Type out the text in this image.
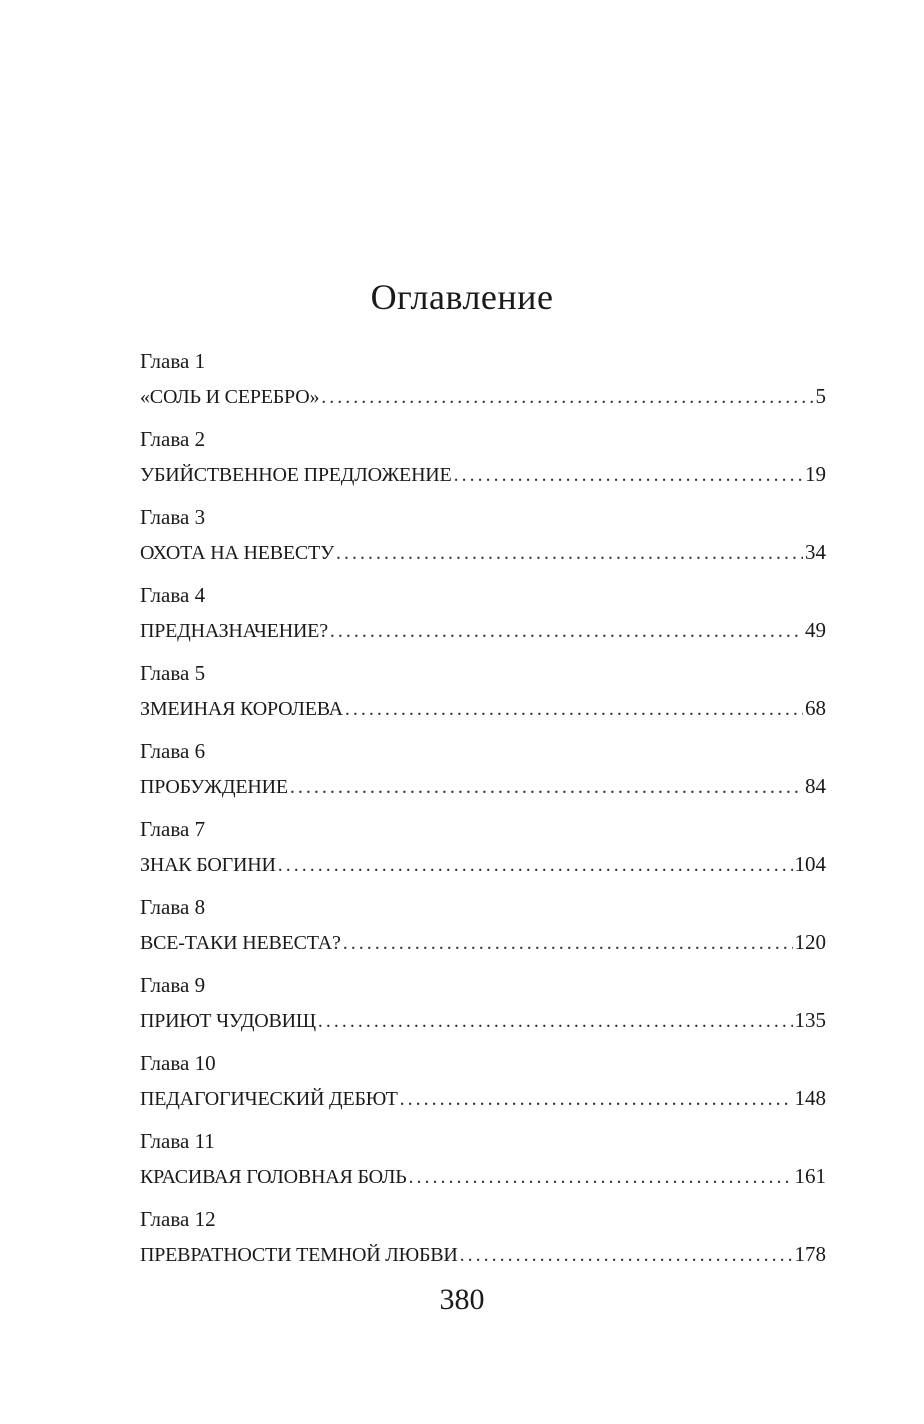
Оглавление
Глава 1
«СОЛЬ И СЕРЕБРО» .....	5
Глава 2
УБИЙСТВЕННОЕ ПРЕДЛОЖЕНИЕ .....	19
Глава 3
ОХОТА НА НЕВЕСТУ .....	34
Глава 4
ПРЕДНАЗНАЧЕНИЕ? .....	49
Глава 5
ЗМЕИНАЯ КОРОЛЕВА .....	68
Глава 6
ПРОБУЖДЕНИЕ .....	84
Глава 7
ЗНАК БОГИНИ .....	104
Глава 8
ВСЕ-ТАКИ НЕВЕСТА? .....	120
Глава 9
ПРИЮТ ЧУДОВИЩ .....	135
Глава 10
ПЕДАГОГИЧЕСКИЙ ДЕБЮТ .....	148
Глава 11
КРАСИВАЯ ГОЛОВНАЯ БОЛЬ .....	161
Глава 12
ПРЕВРАТНОСТИ ТЕМНОЙ ЛЮБВИ .....	178
380
